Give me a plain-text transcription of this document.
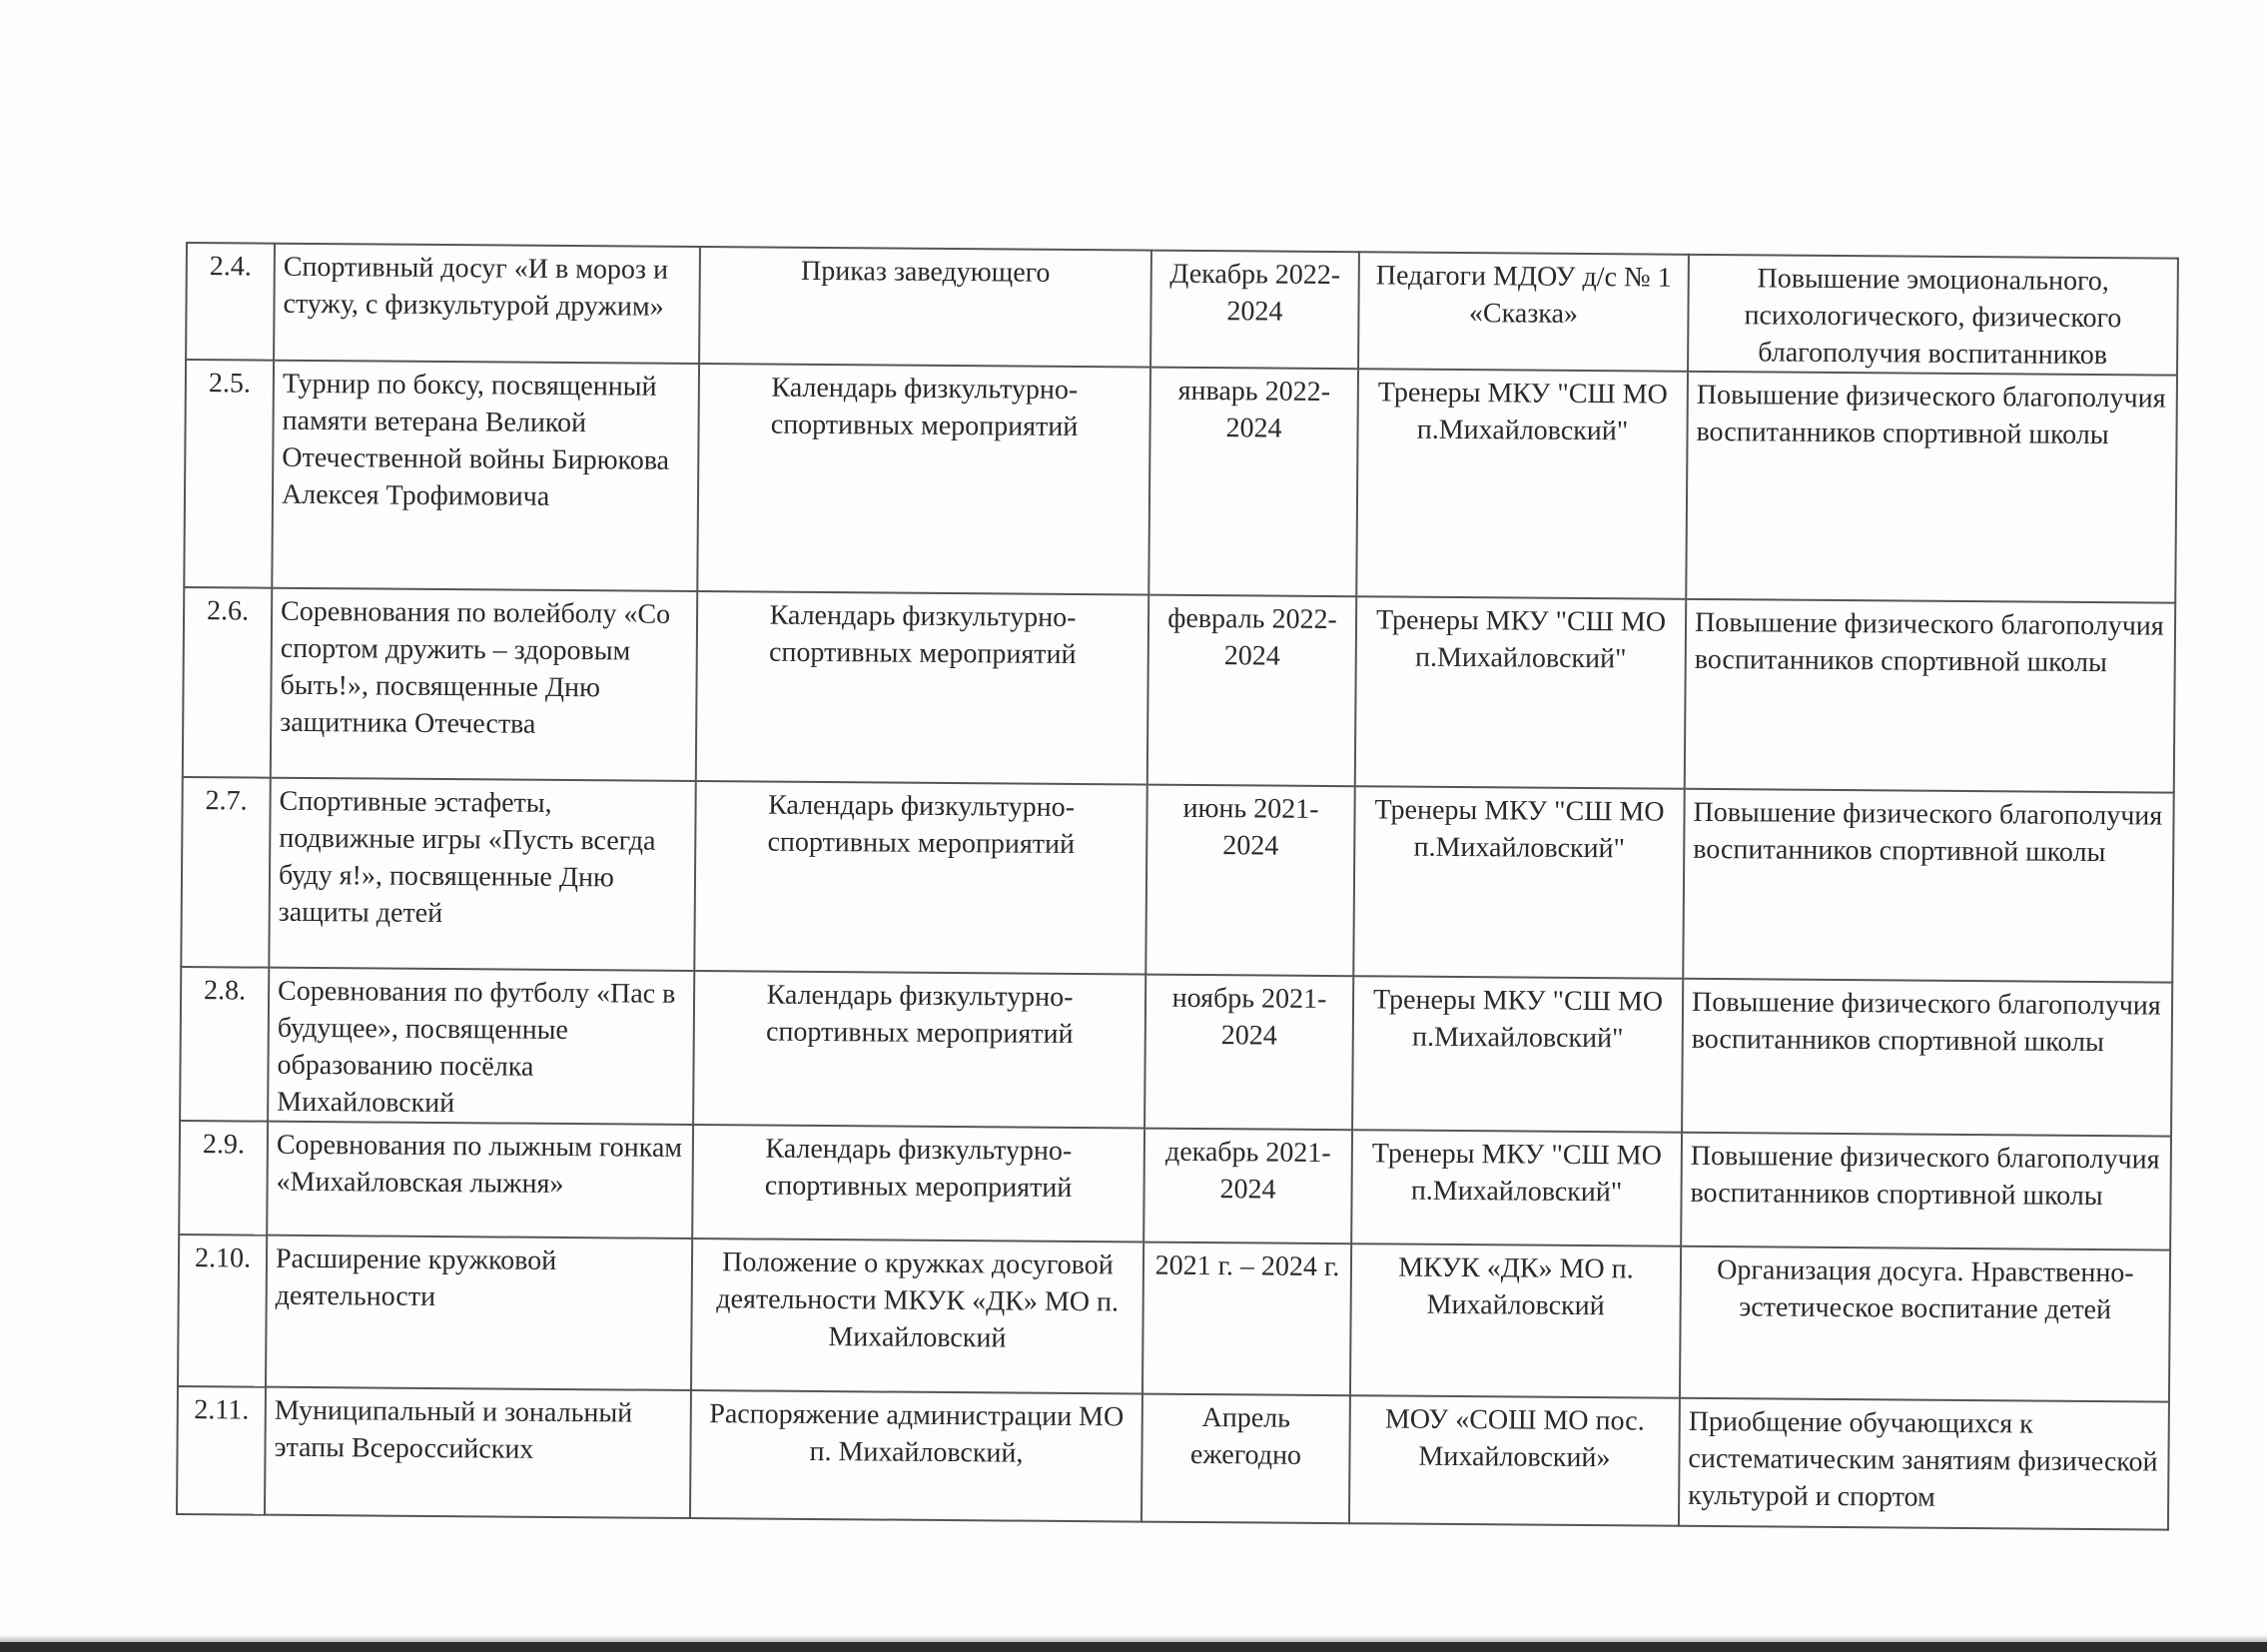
2.4.	Спортивный досуг «И в мороз и стужу, с физкультурой дружим»	Приказ заведующего	Декабрь 2022-2024	Педагоги МДОУ д/с № 1 «Сказка»	Повышение эмоционального, психологического, физического благополучия воспитанников
2.5.	Турнир по боксу, посвященный памяти ветерана Великой Отечественной войны Бирюкова Алексея Трофимовича	Календарь физкультурно-спортивных мероприятий	январь 2022-2024	Тренеры МКУ "СШ МО п.Михайловский"	Повышение физического благополучия воспитанников спортивной школы
2.6.	Соревнования по волейболу «Со спортом дружить – здоровым быть!», посвященные Дню защитника Отечества	Календарь физкультурно-спортивных мероприятий	февраль 2022-2024	Тренеры МКУ "СШ МО п.Михайловский"	Повышение физического благополучия воспитанников спортивной школы
2.7.	Спортивные эстафеты, подвижные игры «Пусть всегда буду я!», посвященные Дню защиты детей	Календарь физкультурно-спортивных мероприятий	июнь 2021-2024	Тренеры МКУ "СШ МО п.Михайловский"	Повышение физического благополучия воспитанников спортивной школы
2.8.	Соревнования по футболу «Пас в будущее», посвященные образованию посёлка Михайловский	Календарь физкультурно-спортивных мероприятий	ноябрь 2021-2024	Тренеры МКУ "СШ МО п.Михайловский"	Повышение физического благополучия воспитанников спортивной школы
2.9.	Соревнования по лыжным гонкам «Михайловская лыжня»	Календарь физкультурно-спортивных мероприятий	декабрь 2021-2024	Тренеры МКУ "СШ МО п.Михайловский"	Повышение физического благополучия воспитанников спортивной школы
2.10.	Расширение кружковой деятельности	Положение о кружках досуговой деятельности МКУК «ДК» МО п. Михайловский	2021 г. – 2024 г.	МКУК «ДК» МО п. Михайловский	Организация досуга. Нравственно-эстетическое воспитание детей
2.11.	Муниципальный и зональный этапы Всероссийских	Распоряжение администрации МО п. Михайловский,	Апрель ежегодно	МОУ «СОШ МО пос. Михайловский»	Приобщение обучающихся к систематическим занятиям физической культурой и спортом
